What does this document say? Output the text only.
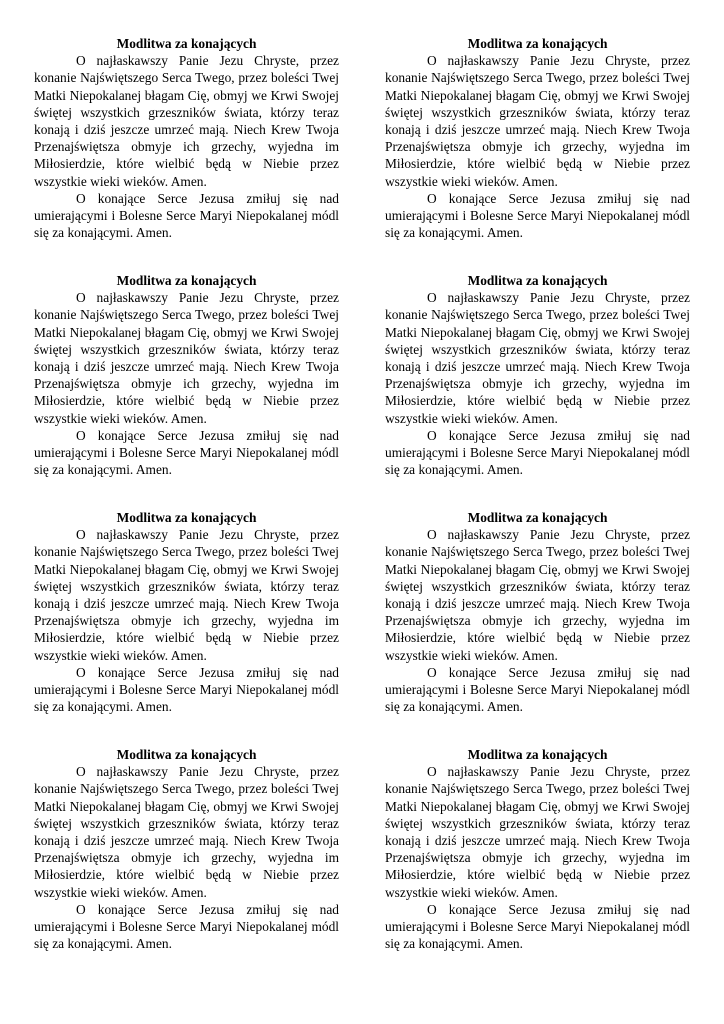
Modlitwa za konających

O najłaskawszy Panie Jezu Chryste, przez konanie Najświętszego Serca Twego, przez boleści Twej Matki Niepokalanej błagam Cię, obmyj we Krwi Swojej świętej wszystkich grzeszników świata, którzy teraz konają i dziś jeszcze umrzeć mają. Niech Krew Twoja Przenajświętsza obmyje ich grzechy, wyjedna im Miłosierdzie, które wielbić będą w Niebie przez wszystkie wieki wieków. Amen.

O konające Serce Jezusa zmiłuj się nad umierającymi i Bolesne Serce Maryi Niepokalanej módl się za konającymi. Amen.

Modlitwa za konających

O najłaskawszy Panie Jezu Chryste, przez konanie Najświętszego Serca Twego, przez boleści Twej Matki Niepokalanej błagam Cię, obmyj we Krwi Swojej świętej wszystkich grzeszników świata, którzy teraz konają i dziś jeszcze umrzeć mają. Niech Krew Twoja Przenajświętsza obmyje ich grzechy, wyjedna im Miłosierdzie, które wielbić będą w Niebie przez wszystkie wieki wieków. Amen.

O konające Serce Jezusa zmiłuj się nad umierającymi i Bolesne Serce Maryi Niepokalanej módl się za konającymi. Amen.

Modlitwa za konających

O najłaskawszy Panie Jezu Chryste, przez konanie Najświętszego Serca Twego, przez boleści Twej Matki Niepokalanej błagam Cię, obmyj we Krwi Swojej świętej wszystkich grzeszników świata, którzy teraz konają i dziś jeszcze umrzeć mają. Niech Krew Twoja Przenajświętsza obmyje ich grzechy, wyjedna im Miłosierdzie, które wielbić będą w Niebie przez wszystkie wieki wieków. Amen.

O konające Serce Jezusa zmiłuj się nad umierającymi i Bolesne Serce Maryi Niepokalanej módl się za konającymi. Amen.

Modlitwa za konających

O najłaskawszy Panie Jezu Chryste, przez konanie Najświętszego Serca Twego, przez boleści Twej Matki Niepokalanej błagam Cię, obmyj we Krwi Swojej świętej wszystkich grzeszników świata, którzy teraz konają i dziś jeszcze umrzeć mają. Niech Krew Twoja Przenajświętsza obmyje ich grzechy, wyjedna im Miłosierdzie, które wielbić będą w Niebie przez wszystkie wieki wieków. Amen.

O konające Serce Jezusa zmiłuj się nad umierającymi i Bolesne Serce Maryi Niepokalanej módl się za konającymi. Amen.

Modlitwa za konających

O najłaskawszy Panie Jezu Chryste, przez konanie Najświętszego Serca Twego, przez boleści Twej Matki Niepokalanej błagam Cię, obmyj we Krwi Swojej świętej wszystkich grzeszników świata, którzy teraz konają i dziś jeszcze umrzeć mają. Niech Krew Twoja Przenajświętsza obmyje ich grzechy, wyjedna im Miłosierdzie, które wielbić będą w Niebie przez wszystkie wieki wieków. Amen.

O konające Serce Jezusa zmiłuj się nad umierającymi i Bolesne Serce Maryi Niepokalanej módl się za konającymi. Amen.

Modlitwa za konających

O najłaskawszy Panie Jezu Chryste, przez konanie Najświętszego Serca Twego, przez boleści Twej Matki Niepokalanej błagam Cię, obmyj we Krwi Swojej świętej wszystkich grzeszników świata, którzy teraz konają i dziś jeszcze umrzeć mają. Niech Krew Twoja Przenajświętsza obmyje ich grzechy, wyjedna im Miłosierdzie, które wielbić będą w Niebie przez wszystkie wieki wieków. Amen.

O konające Serce Jezusa zmiłuj się nad umierającymi i Bolesne Serce Maryi Niepokalanej módl się za konającymi. Amen.

Modlitwa za konających

O najłaskawszy Panie Jezu Chryste, przez konanie Najświętszego Serca Twego, przez boleści Twej Matki Niepokalanej błagam Cię, obmyj we Krwi Swojej świętej wszystkich grzeszników świata, którzy teraz konają i dziś jeszcze umrzeć mają. Niech Krew Twoja Przenajświętsza obmyje ich grzechy, wyjedna im Miłosierdzie, które wielbić będą w Niebie przez wszystkie wieki wieków. Amen.

O konające Serce Jezusa zmiłuj się nad umierającymi i Bolesne Serce Maryi Niepokalanej módl się za konającymi. Amen.

Modlitwa za konających

O najłaskawszy Panie Jezu Chryste, przez konanie Najświętszego Serca Twego, przez boleści Twej Matki Niepokalanej błagam Cię, obmyj we Krwi Swojej świętej wszystkich grzeszników świata, którzy teraz konają i dziś jeszcze umrzeć mają. Niech Krew Twoja Przenajświętsza obmyje ich grzechy, wyjedna im Miłosierdzie, które wielbić będą w Niebie przez wszystkie wieki wieków. Amen.

O konające Serce Jezusa zmiłuj się nad umierającymi i Bolesne Serce Maryi Niepokalanej módl się za konającymi. Amen.
